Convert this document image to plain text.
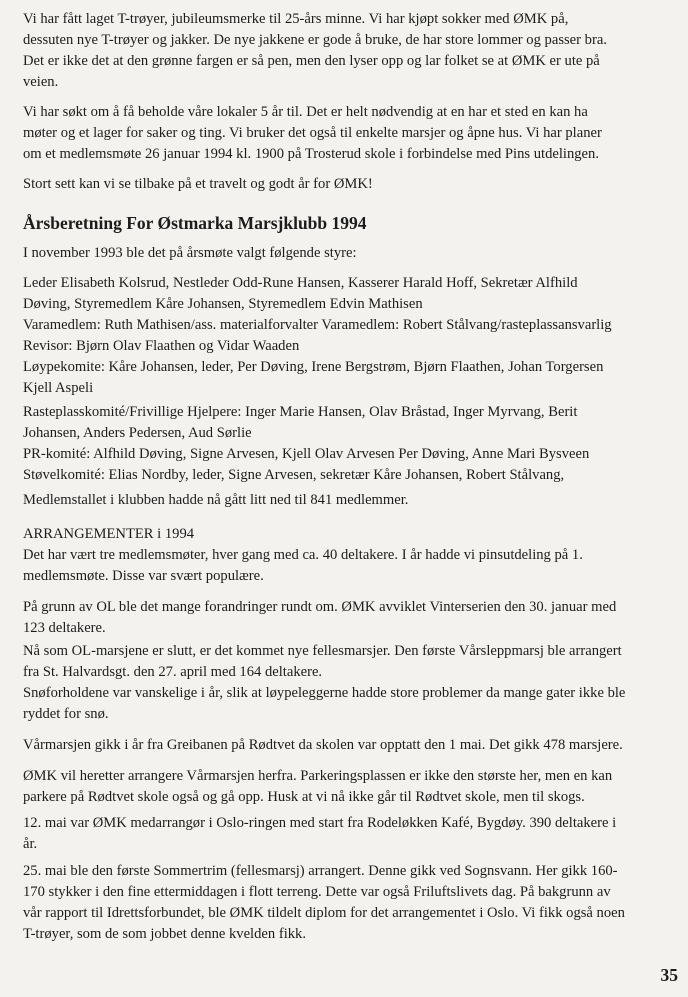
Vi har fått laget T-trøyer, jubileumsmerke til 25-års minne. Vi har kjøpt sokker med ØMK på,
dessuten nye T-trøyer og jakker. De nye jakkene er gode å bruke, de har store lommer og passer bra.
Det er ikke det at den grønne fargen er så pen, men den lyser opp og lar folket se at ØMK er ute på
veien.

Vi har søkt om å få beholde våre lokaler 5 år til. Det er helt nødvendig at en har et sted en kan ha
møter og et lager for saker og ting. Vi bruker det også til enkelte marsjer og åpne hus. Vi har planer
om et medlemsmøte 26 januar 1994 kl. 1900 på Trosterud skole i forbindelse med Pins utdelingen.

Stort sett kan vi se tilbake på et travelt og godt år for ØMK!

Årsberetning For Østmarka Marsjklubb 1994

I november 1993 ble det på årsmøte valgt følgende styre:

Leder Elisabeth Kolsrud, Nestleder Odd-Rune Hansen, Kasserer Harald Hoff, Sekretær Alfhild
Døving, Styremedlem Kåre Johansen, Styremedlem Edvin Mathisen
Varamedlem: Ruth Mathisen/ass. materialforvalter Varamedlem: Robert Stålvang/rasteplassansvarlig
Revisor: Bjørn Olav Flaathen og Vidar Waaden
Løypekomite: Kåre Johansen, leder, Per Døving, Irene Bergstrøm, Bjørn Flaathen, Johan Torgersen
Kjell Aspeli

Rasteplasskomité/Frivillige Hjelpere: Inger Marie Hansen, Olav Bråstad, Inger Myrvang, Berit
Johansen, Anders Pedersen, Aud Sørlie
PR-komité: Alfhild Døving, Signe Arvesen, Kjell Olav Arvesen Per Døving, Anne Mari Bysveen
Støvelkomité: Elias Nordby, leder, Signe Arvesen, sekretær Kåre Johansen, Robert Stålvang,

Medlemstallet i klubben hadde nå gått litt ned til 841 medlemmer.

ARRANGEMENTER i 1994
Det har vært tre medlemsmøter, hver gang med ca. 40 deltakere. I år hadde vi pinsutdeling på 1.
medlemsmøte. Disse var svært populære.

På grunn av OL ble det mange forandringer rundt om. ØMK avviklet Vinterserien den 30. januar med
123 deltakere.

Nå som OL-marsjene er slutt, er det kommet nye fellesmarsjer. Den første Vårsleppmarsj ble arrangert
fra St. Halvardsgt. den 27. april med 164 deltakere.
Snøforholdene var vanskelige i år, slik at løypeleggerne hadde store problemer da mange gater ikke ble
ryddet for snø.

Vårmarsjen gikk i år fra Greibanen på Rødtvet da skolen var opptatt den 1 mai. Det gikk 478 marsjere.

ØMK vil heretter arrangere Vårmarsjen herfra. Parkeringsplassen er ikke den største her, men en kan
parkere på Rødtvet skole også og gå opp. Husk at vi nå ikke går til Rødtvet skole, men til skogs.

12. mai var ØMK medarrangør i Oslo-ringen med start fra Rodeløkken Kafé, Bygdøy. 390 deltakere i
år.

25. mai ble den første Sommertrim (fellesmarsj) arrangert. Denne gikk ved Sognsvann. Her gikk 160-
170 stykker i den fine ettermiddagen i flott terreng. Dette var også Friluftslivets dag. På bakgrunn av
vår rapport til Idrettsforbundet, ble ØMK tildelt diplom for det arrangementet i Oslo. Vi fikk også noen
T-trøyer, som de som jobbet denne kvelden fikk.

35
